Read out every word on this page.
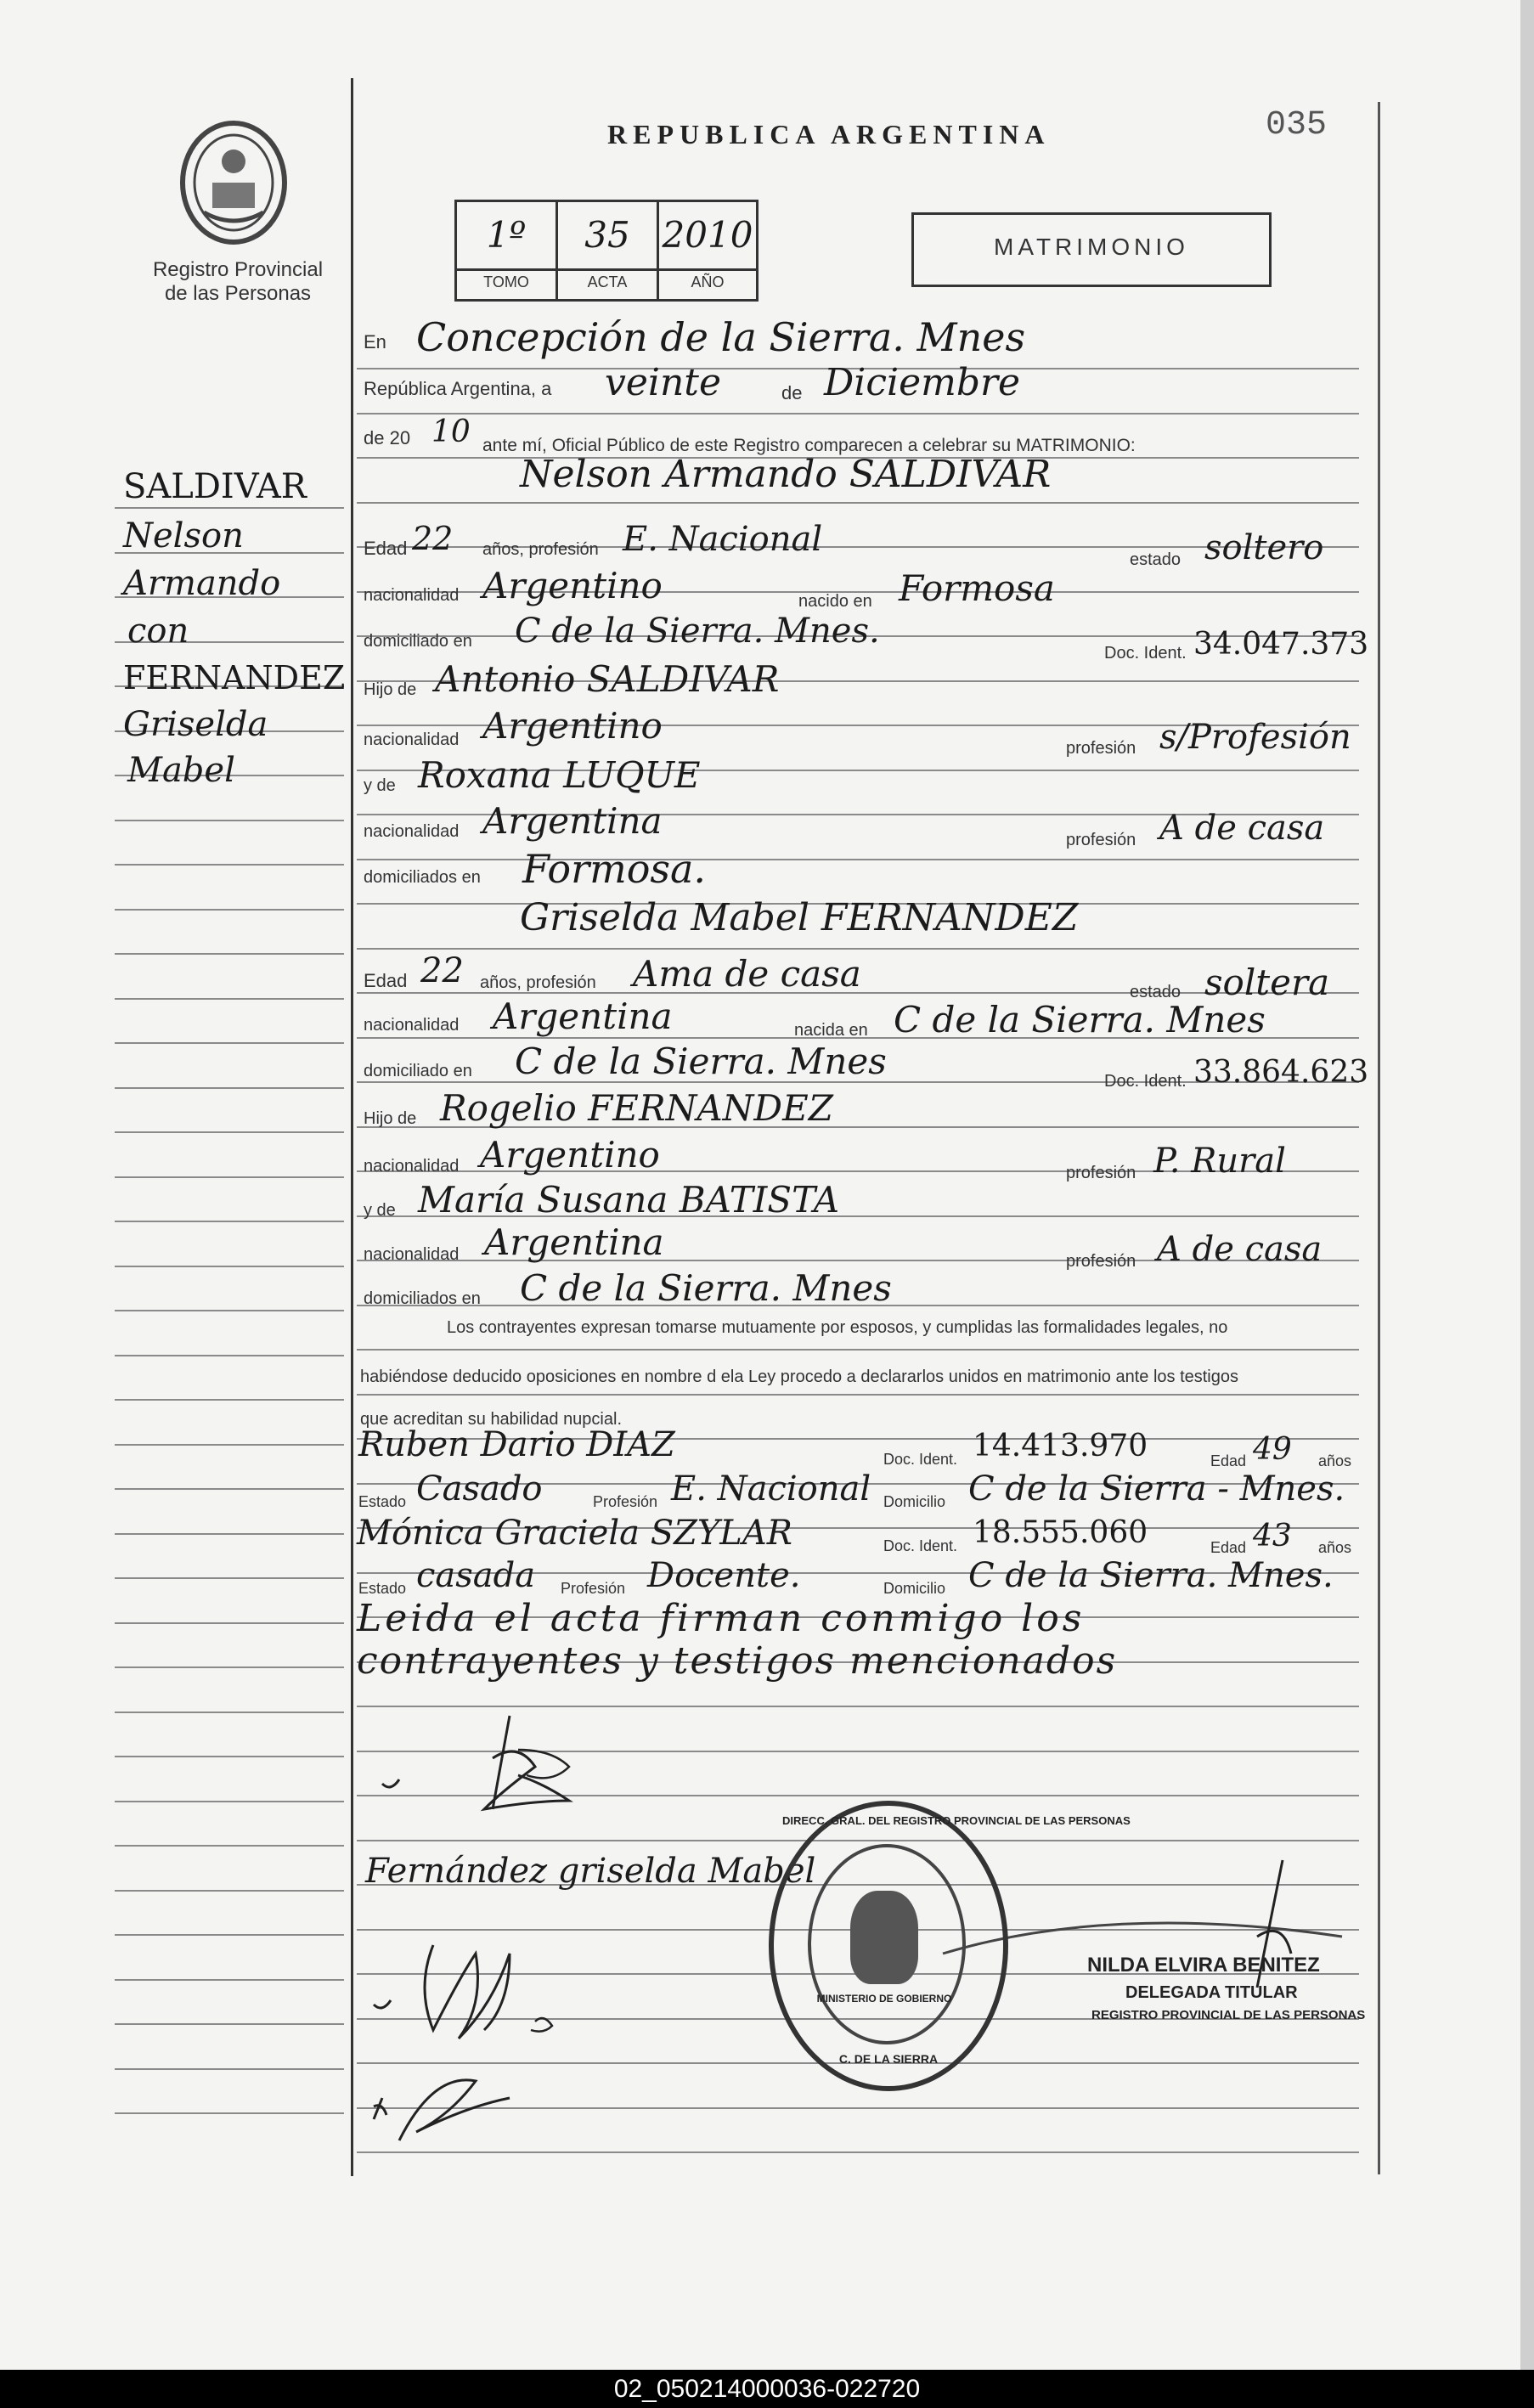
035
Registro Provincial
de las Personas
REPUBLICA ARGENTINA
1º	35 2010
TOMO	ACTA	AÑO
MATRIMONIO
SALDIVAR
Nelson
Armando
con
FERNANDEZ
Griselda
Mabel
En Concepción de la Sierra. Mnes
República Argentina, a veinte	de Diciembre
de 20 10 ante mí, Oficial Público de este Registro comparecen a celebrar su MATRIMONIO:
Nelson Armando SALDIVAR
Edad 22 años, profesión E. Nacional
estado soltero
nacionalidad Argentino	nacido en Formosa
domiciliado en C de la Sierra. Mnes.
Doc. Ident. 34.047.373
Hijo de Antonio SALDIVAR
nacionalidad Argentino
profesión s/Profesión
y de Roxana LUQUE
nacionalidad Argentina	profesión A de casa
domiciliados en Formosa.
Griselda Mabel FERNANDEZ
Edad 22 años, profesión Ama de casa	estado soltera
nacionalidad Argentina	nacida en C de la Sierra. Mnes
domiciliado en C de la Sierra. Mnes	Doc. Ident. 33.864.623
Hijo de Rogelio FERNANDEZ
nacionalidad Argentino	profesión P. Rural
y de María Susana BATISTA
nacionalidad Argentina	profesión A de casa
domiciliados en C de la Sierra. Mnes
Los contrayentes expresan tomarse mutuamente por esposos, y cumplidas las formalidades legales, no
habiéndose deducido oposiciones en nombre d ela Ley procedo a declararlos unidos en matrimonio ante los testigos
que acreditan su habilidad nupcial.
Ruben Dario DIAZ	Doc. Ident. 14.413.970	Edad 49 años
Estado Casado	Profesión E. Nacional Domicilio C de la Sierra - Mnes.
Mónica Graciela SZYLAR	Doc. Ident. 18.555.060	Edad 43 años
Estado casada Profesión Docente.	Domicilio C de la Sierra. Mnes.
Leida el acta firman conmigo los
contrayentes y testigos mencionados
Fernández griselda Mabel
NILDA ELVIRA BENITEZ
DELEGADA TITULAR
REGISTRO PROVINCIAL DE LAS PERSONAS
DIRECC. GRAL. DEL REGISTRO PROVINCIAL DE LAS PERSONAS
MINISTERIO DE GOBIERNO
C. DE LA SIERRA
02_050214000036-022720
